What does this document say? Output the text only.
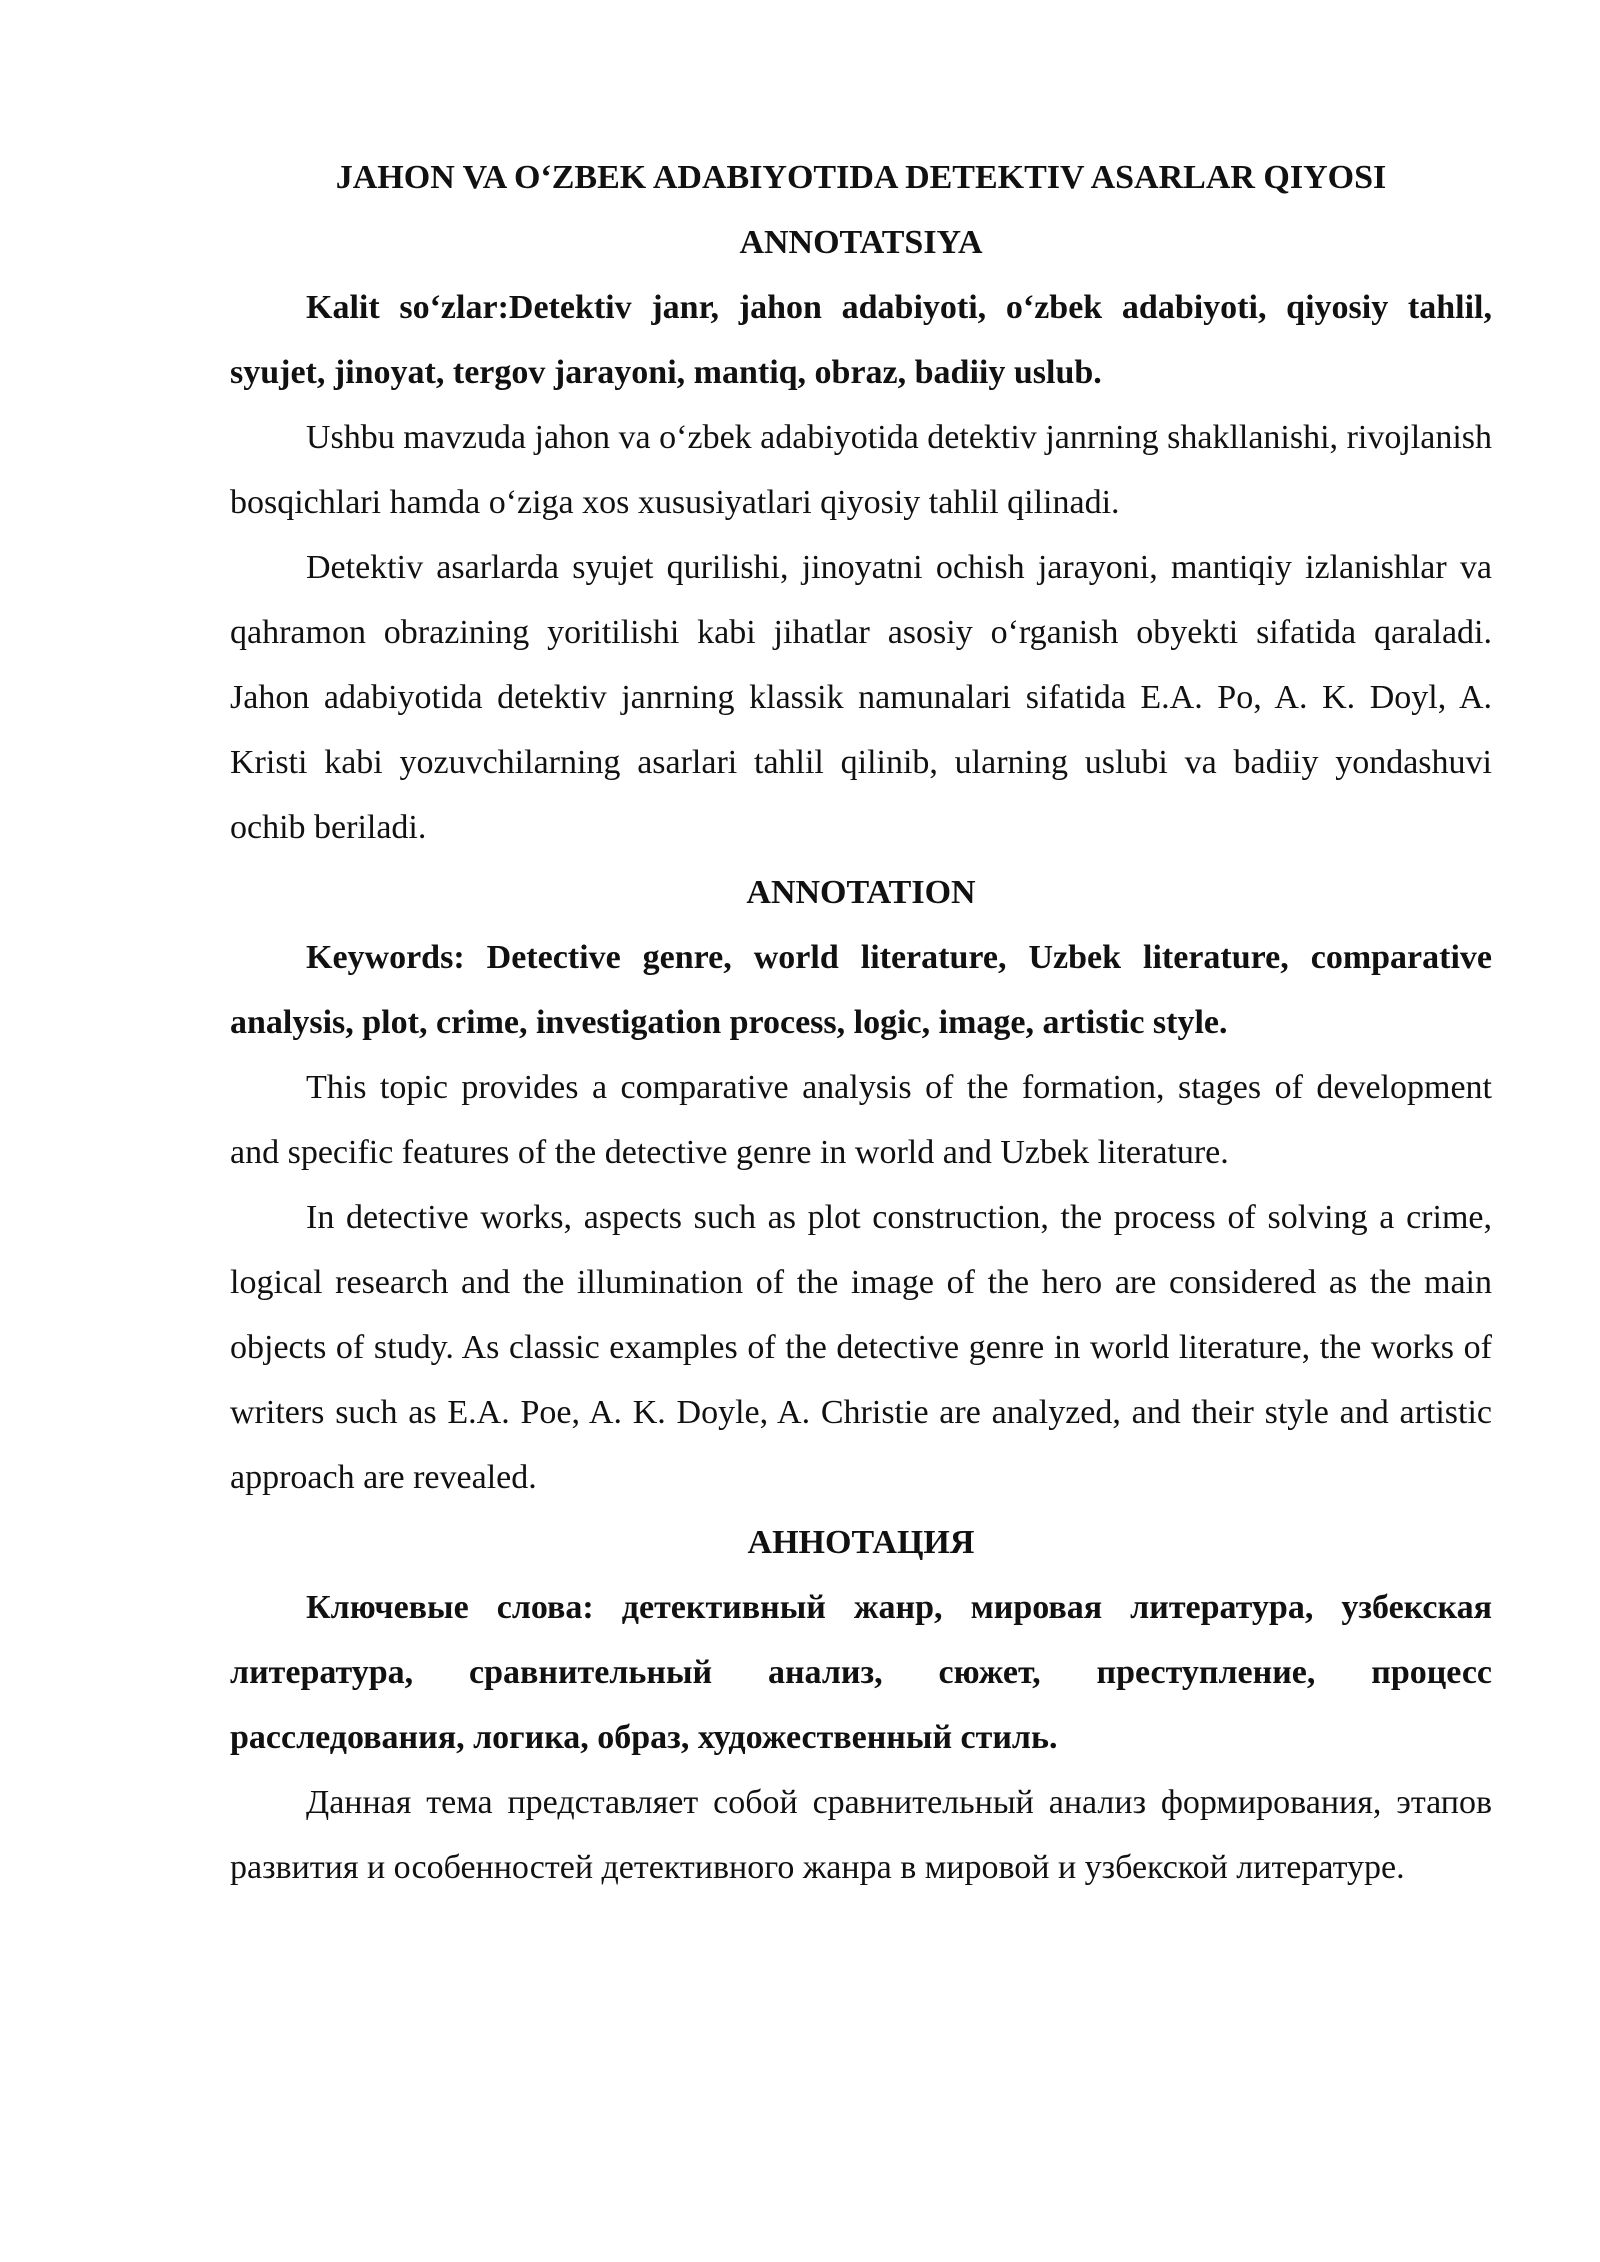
JAHON VA O‘ZBEK ADABIYOTIDA DETEKTIV ASARLAR QIYOSI

ANNOTATSIYA

Kalit so‘zlar:Detektiv janr, jahon adabiyoti, o‘zbek adabiyoti, qiyosiy tahlil, syujet, jinoyat, tergov jarayoni, mantiq, obraz, badiiy uslub.

Ushbu mavzuda jahon va o‘zbek adabiyotida detektiv janrning shakllanishi, rivojlanish bosqichlari hamda o‘ziga xos xususiyatlari qiyosiy tahlil qilinadi.

Detektiv asarlarda syujet qurilishi, jinoyatni ochish jarayoni, mantiqiy izlanishlar va qahramon obrazining yoritilishi kabi jihatlar asosiy o‘rganish obyekti sifatida qaraladi. Jahon adabiyotida detektiv janrning klassik namunalari sifatida E.A. Po, A. K. Doyl, A. Kristi kabi yozuvchilarning asarlari tahlil qilinib, ularning uslubi va badiiy yondashuvi ochib beriladi.

ANNOTATION

Keywords: Detective genre, world literature, Uzbek literature, comparative analysis, plot, crime, investigation process, logic, image, artistic style.

This topic provides a comparative analysis of the formation, stages of development and specific features of the detective genre in world and Uzbek literature.

In detective works, aspects such as plot construction, the process of solving a crime, logical research and the illumination of the image of the hero are considered as the main objects of study. As classic examples of the detective genre in world literature, the works of writers such as E.A. Poe, A. K. Doyle, A. Christie are analyzed, and their style and artistic approach are revealed.

АННОТАЦИЯ

Ключевые слова: детективный жанр, мировая литература, узбекская литература, сравнительный анализ, сюжет, преступление, процесс расследования, логика, образ, художественный стиль.

Данная тема представляет собой сравнительный анализ формирования, этапов развития и особенностей детективного жанра в мировой и узбекской литературе.
